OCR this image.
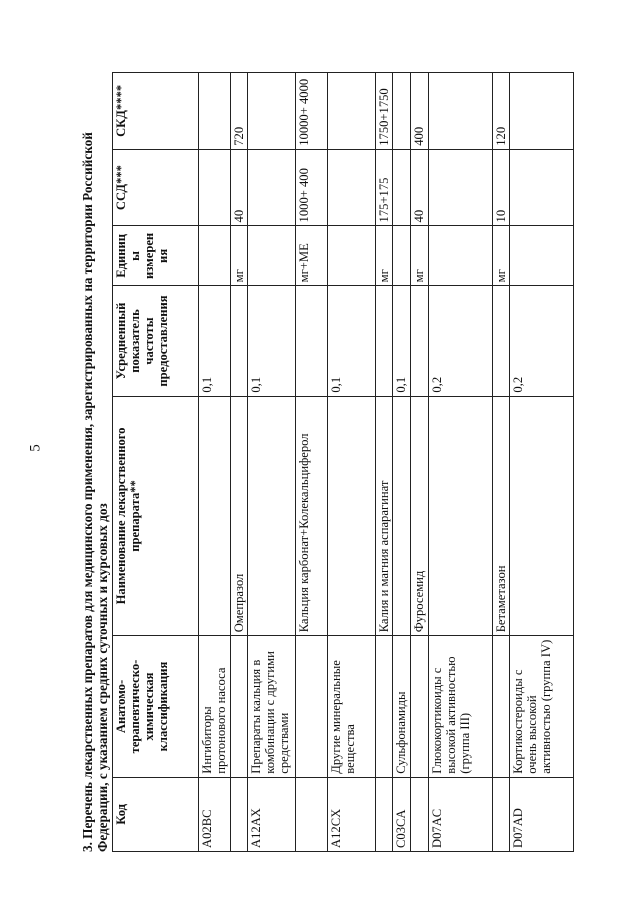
5	3. Перечень лекарственных препаратов для медицинского применения, зарегистрированных на территории Российской Федерации, с указанием средних суточных и курсовых доз Код	Анатомо-терапевтическо-химическая классификация	Наименование лекарственного препарата**	Усредненный показатель частоты предоставления	Единицы измерения	ССД***	СКД****
A02BC	Ингибиторы протонового насоса		0,1			
		Омепразол		мг	40	720
A12AX	Препараты кальция в комбинации с другими средствами		0,1			
		Кальция карбонат+Колекальциферол		мг+МЕ	1000+ 400	10000+ 4000
A12CX	Другие минеральные вещества		0,1			
		Калия и магния аспарагинат		мг	175+175	1750+1750
C03CA	Сульфонамиды		0,1			
		Фуросемид		мг	40	400
D07AC	Глюкокортикоиды с высокой активностью (группа III)		0,2			
		Бетаметазон		мг	10	120
D07AD	Кортикостероиды с очень высокой активностью (группа IV)		0,2			
